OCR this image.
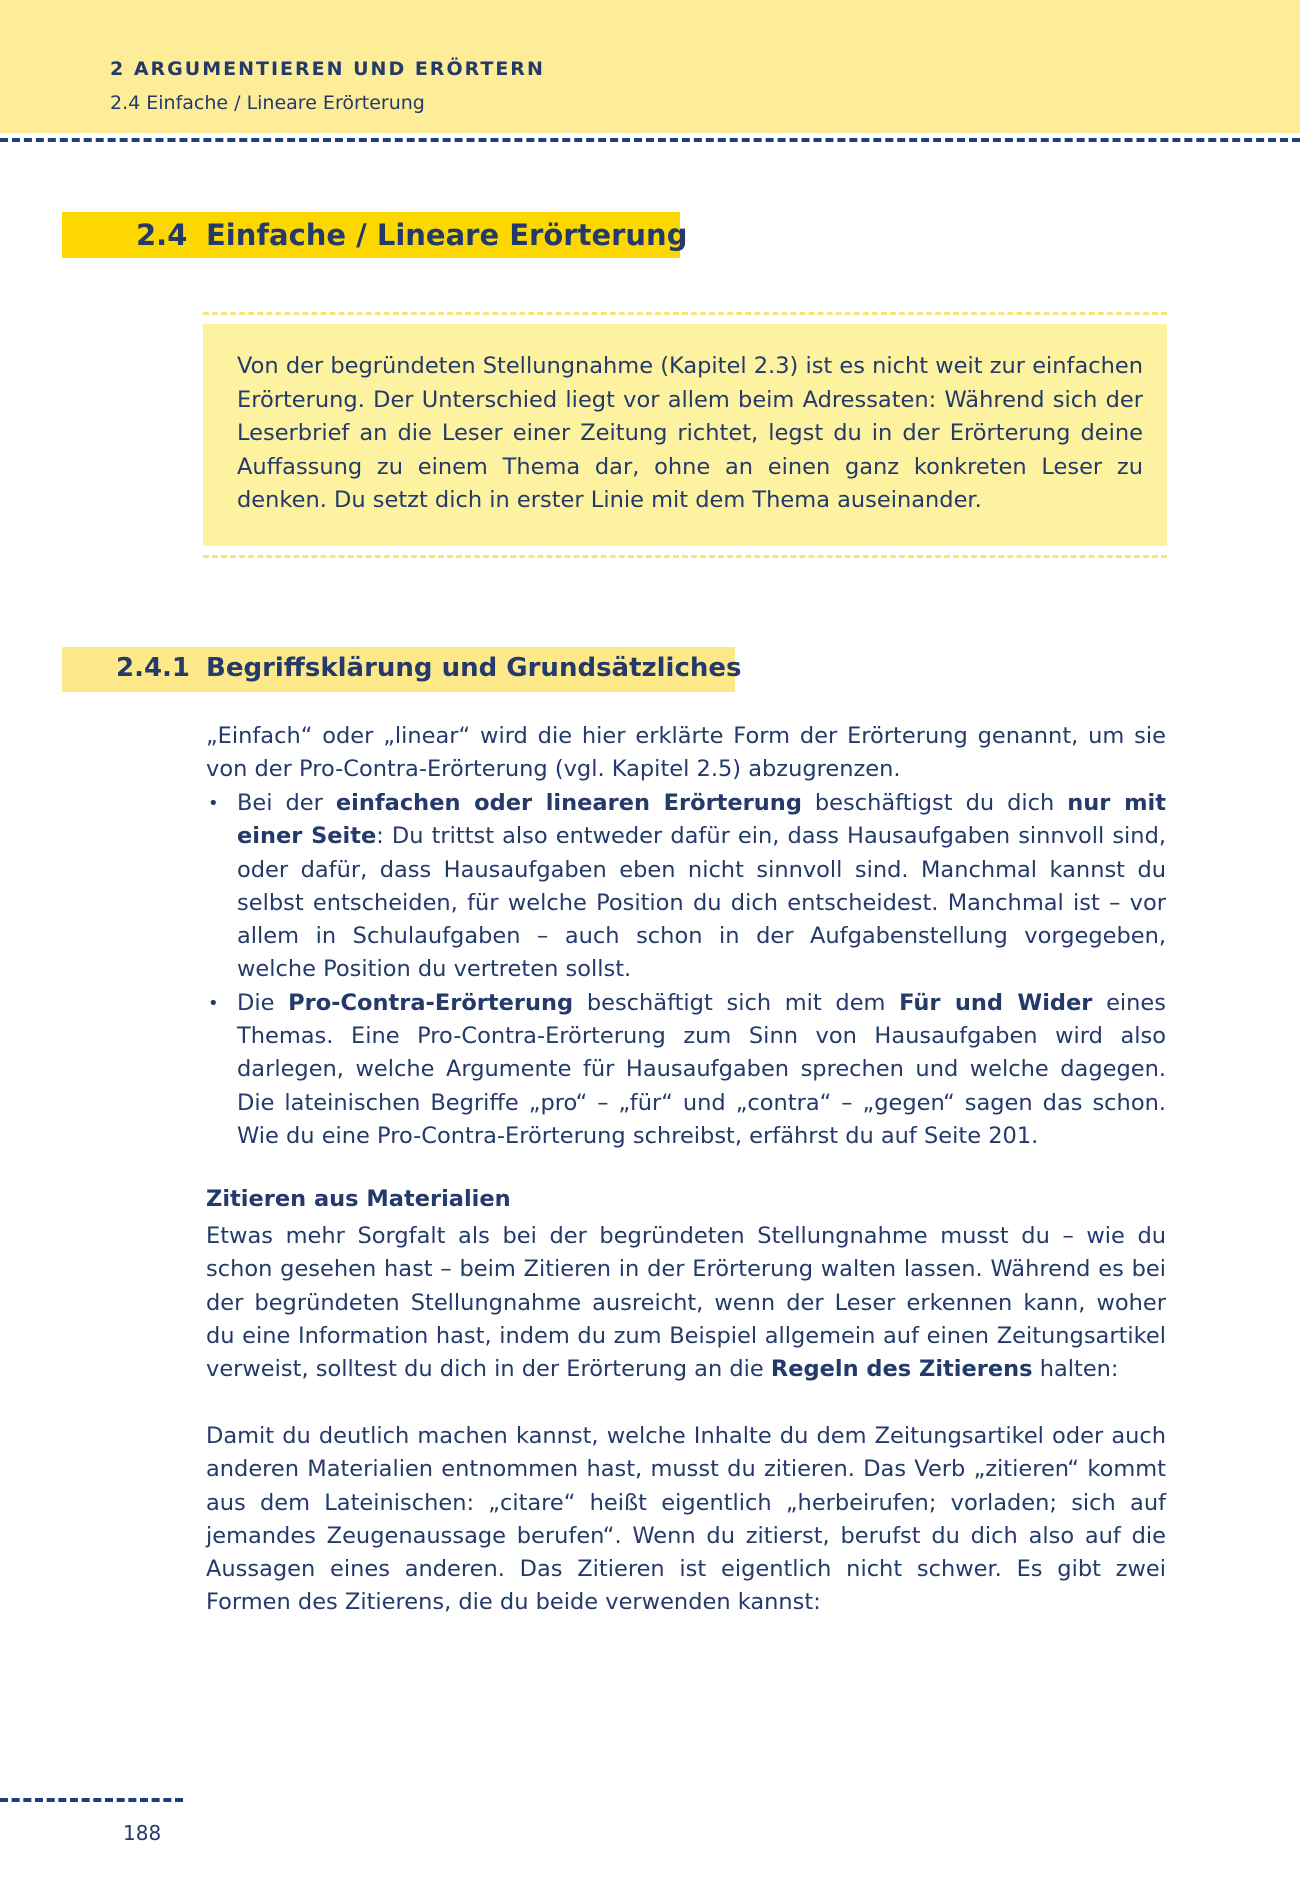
2 ARGUMENTIEREN UND ERÖRTERN
2.4 Einfache / Lineare Erörterung
2.4 Einfache / Lineare Erörterung
Von der begründeten Stellungnahme (Kapitel 2.3) ist es nicht weit zur einfachen Erörterung. Der Unterschied liegt vor allem beim Adressaten: Während sich der Leserbrief an die Leser einer Zeitung richtet, legst du in der Erörterung deine Auffassung zu einem Thema dar, ohne an einen ganz konkreten Leser zu denken. Du setzt dich in erster Linie mit dem Thema auseinander.
2.4.1 Begriffsklärung und Grundsätzliches
„Einfach“ oder „linear“ wird die hier erklärte Form der Erörterung genannt, um sie von der Pro-Contra-Erörterung (vgl. Kapitel 2.5) abzugrenzen.
• Bei der einfachen oder linearen Erörterung beschäftigst du dich nur mit einer Seite: Du trittst also entweder dafür ein, dass Hausaufgaben sinnvoll sind, oder dafür, dass Hausaufgaben eben nicht sinnvoll sind. Manchmal kannst du selbst entscheiden, für welche Position du dich entscheidest. Manchmal ist – vor allem in Schulaufgaben – auch schon in der Aufgabenstellung vorgegeben, welche Position du vertreten sollst.
• Die Pro-Contra-Erörterung beschäftigt sich mit dem Für und Wider eines Themas. Eine Pro-Contra-Erörterung zum Sinn von Hausaufgaben wird also darlegen, welche Argumente für Hausaufgaben sprechen und welche dagegen. Die lateinischen Begriffe „pro“ – „für“ und „contra“ – „gegen“ sagen das schon. Wie du eine Pro-Contra-Erörterung schreibst, erfährst du auf Seite 201.
Zitieren aus Materialien
Etwas mehr Sorgfalt als bei der begründeten Stellungnahme musst du – wie du schon gesehen hast – beim Zitieren in der Erörterung walten lassen. Während es bei der begründeten Stellungnahme ausreicht, wenn der Leser erkennen kann, woher du eine Information hast, indem du zum Beispiel allgemein auf einen Zeitungsartikel verweist, solltest du dich in der Erörterung an die Regeln des Zitierens halten:
Damit du deutlich machen kannst, welche Inhalte du dem Zeitungsartikel oder auch anderen Materialien entnommen hast, musst du zitieren. Das Verb „zitieren“ kommt aus dem Lateinischen: „citare“ heißt eigentlich „herbeirufen; vorladen; sich auf jemandes Zeugenaussage berufen“. Wenn du zitierst, berufst du dich also auf die Aussagen eines anderen. Das Zitieren ist eigentlich nicht schwer. Es gibt zwei Formen des Zitierens, die du beide verwenden kannst:
188
